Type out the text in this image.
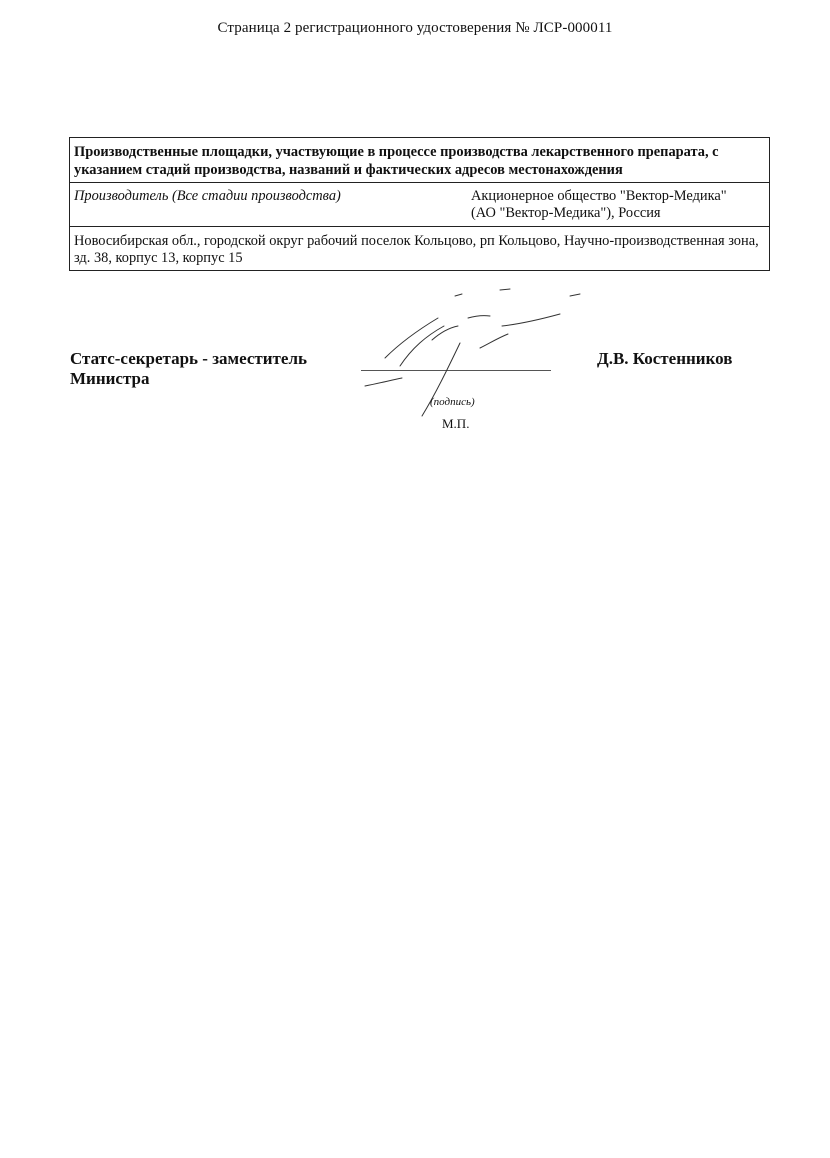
Страница 2 регистрационного удостоверения № ЛСР-000011
Производственные площадки, участвующие в процессе производства лекарственного препарата, с указанием стадий производства, названий и фактических адресов местонахождения
Производитель (Все стадии производства)	Акционерное общество "Вектор-Медика"
(АО "Вектор-Медика"), Россия
Новосибирская обл., городской округ рабочий поселок Кольцово, рп Кольцово, Научно-производственная зона, зд. 38, корпус 13, корпус 15
Статс-секретарь - заместитель
Министра
(подпись)
М.П.
Д.В. Костенников
